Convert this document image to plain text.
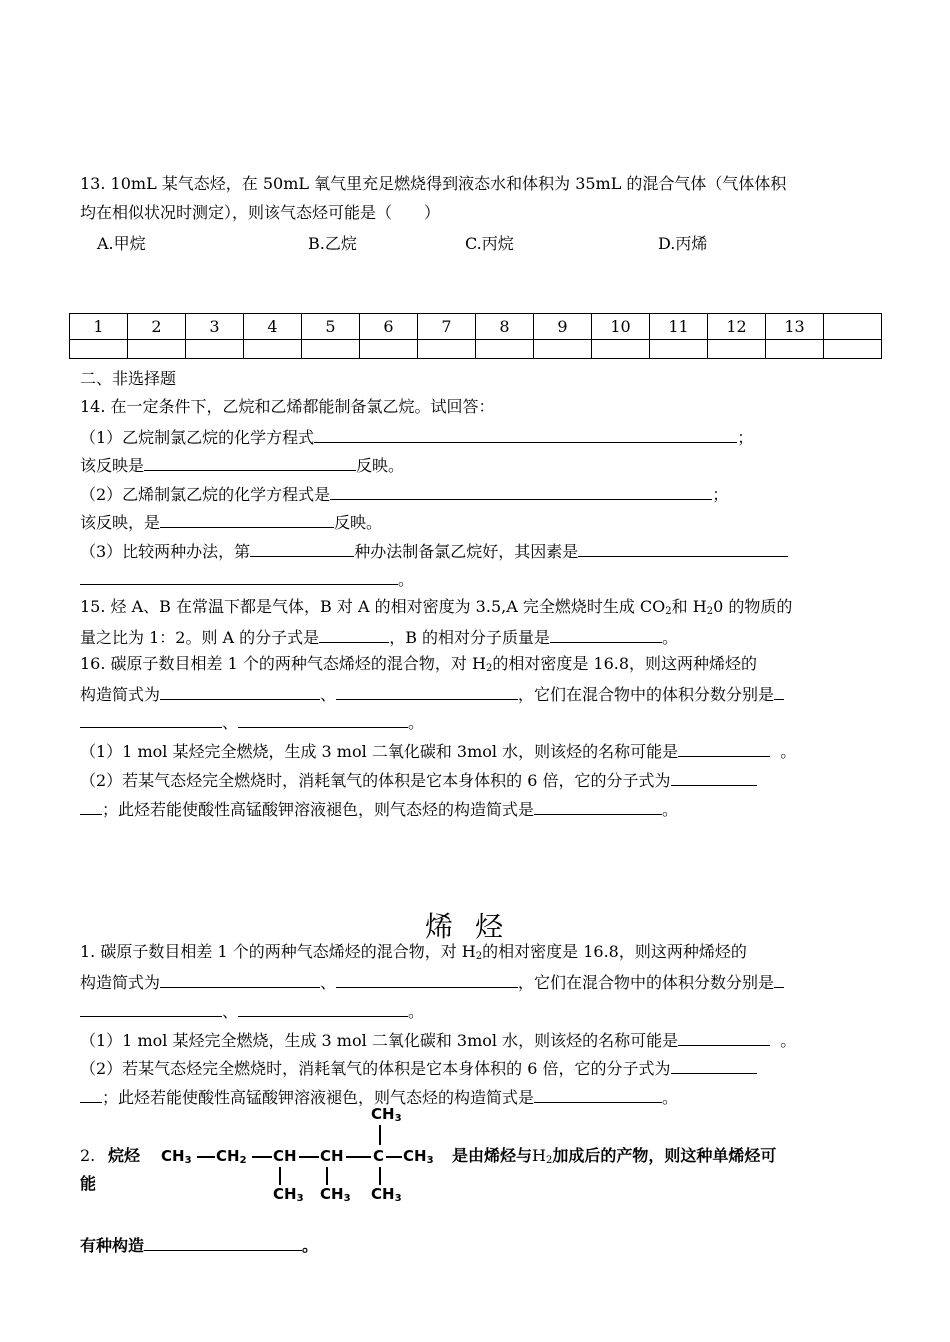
13. 10mL 某气态烃，在 50mL 氧气里充足燃烧得到液态水和体积为 35mL 的混合气体（气体体积
均在相似状况时测定），则该气态烃可能是（　　）
A.甲烷	B.乙烷	C.丙烷	D.丙烯
1	2	3	4	5	6	7	8	9	10	11	12	13	

二、非选择题
14. 在一定条件下，乙烷和乙烯都能制备氯乙烷。试回答：
（1）乙烷制氯乙烷的化学方程式	；
该反映是	反映。
（2）乙烯制氯乙烷的化学方程式是	；
该反映，是	反映。
（3）比较两种办法，第	种办法制备氯乙烷好，其因素是
。
15. 烃 A、B 在常温下都是气体，B 对 A 的相对密度为 3.5,A 完全燃烧时生成 $CO_2$和 $H_20$ 的物质的
量之比为 1：2。则 A 的分子式是	，B 的相对分子质量是	。
16. 碳原子数目相差 1 个的两种气态烯烃的混合物，对 $H_2$的相对密度是 16.8，则这两种烯烃的
构造简式为	、	，它们在混合物中的体积分数分别是
、	。
（1）1 mol 某烃完全燃烧，生成 3 mol 二氧化碳和 3mol 水，则该烃的名称可能是	。
（2）若某气态烃完全燃烧时，消耗氧气的体积是它本身体积的 6 倍，它的分子式为
；此烃若能使酸性高锰酸钾溶液褪色，则气态烃的构造简式是	。
烯烃
1. 碳原子数目相差 1 个的两种气态烯烃的混合物，对 $H_2$的相对密度是 16.8，则这两种烯烃的
构造简式为	、	，它们在混合物中的体积分数分别是
、	。
（1）1 mol 某烃完全燃烧，生成 3 mol 二氧化碳和 3mol 水，则该烃的名称可能是	。
（2）若某气态烃完全燃烧时，消耗氧气的体积是它本身体积的 6 倍，它的分子式为
；此烃若能使酸性高锰酸钾溶液褪色，则气态烃的构造简式是	。
2. 烷烃
$CH_3$
$CH_3$ $CH_2$ CH CH C $CH_3$
$CH_3$ $CH_3$ $CH_3$
是由烯烃与$H_2$加成后的产物，则这种单烯烃可
能
有种构造	。
